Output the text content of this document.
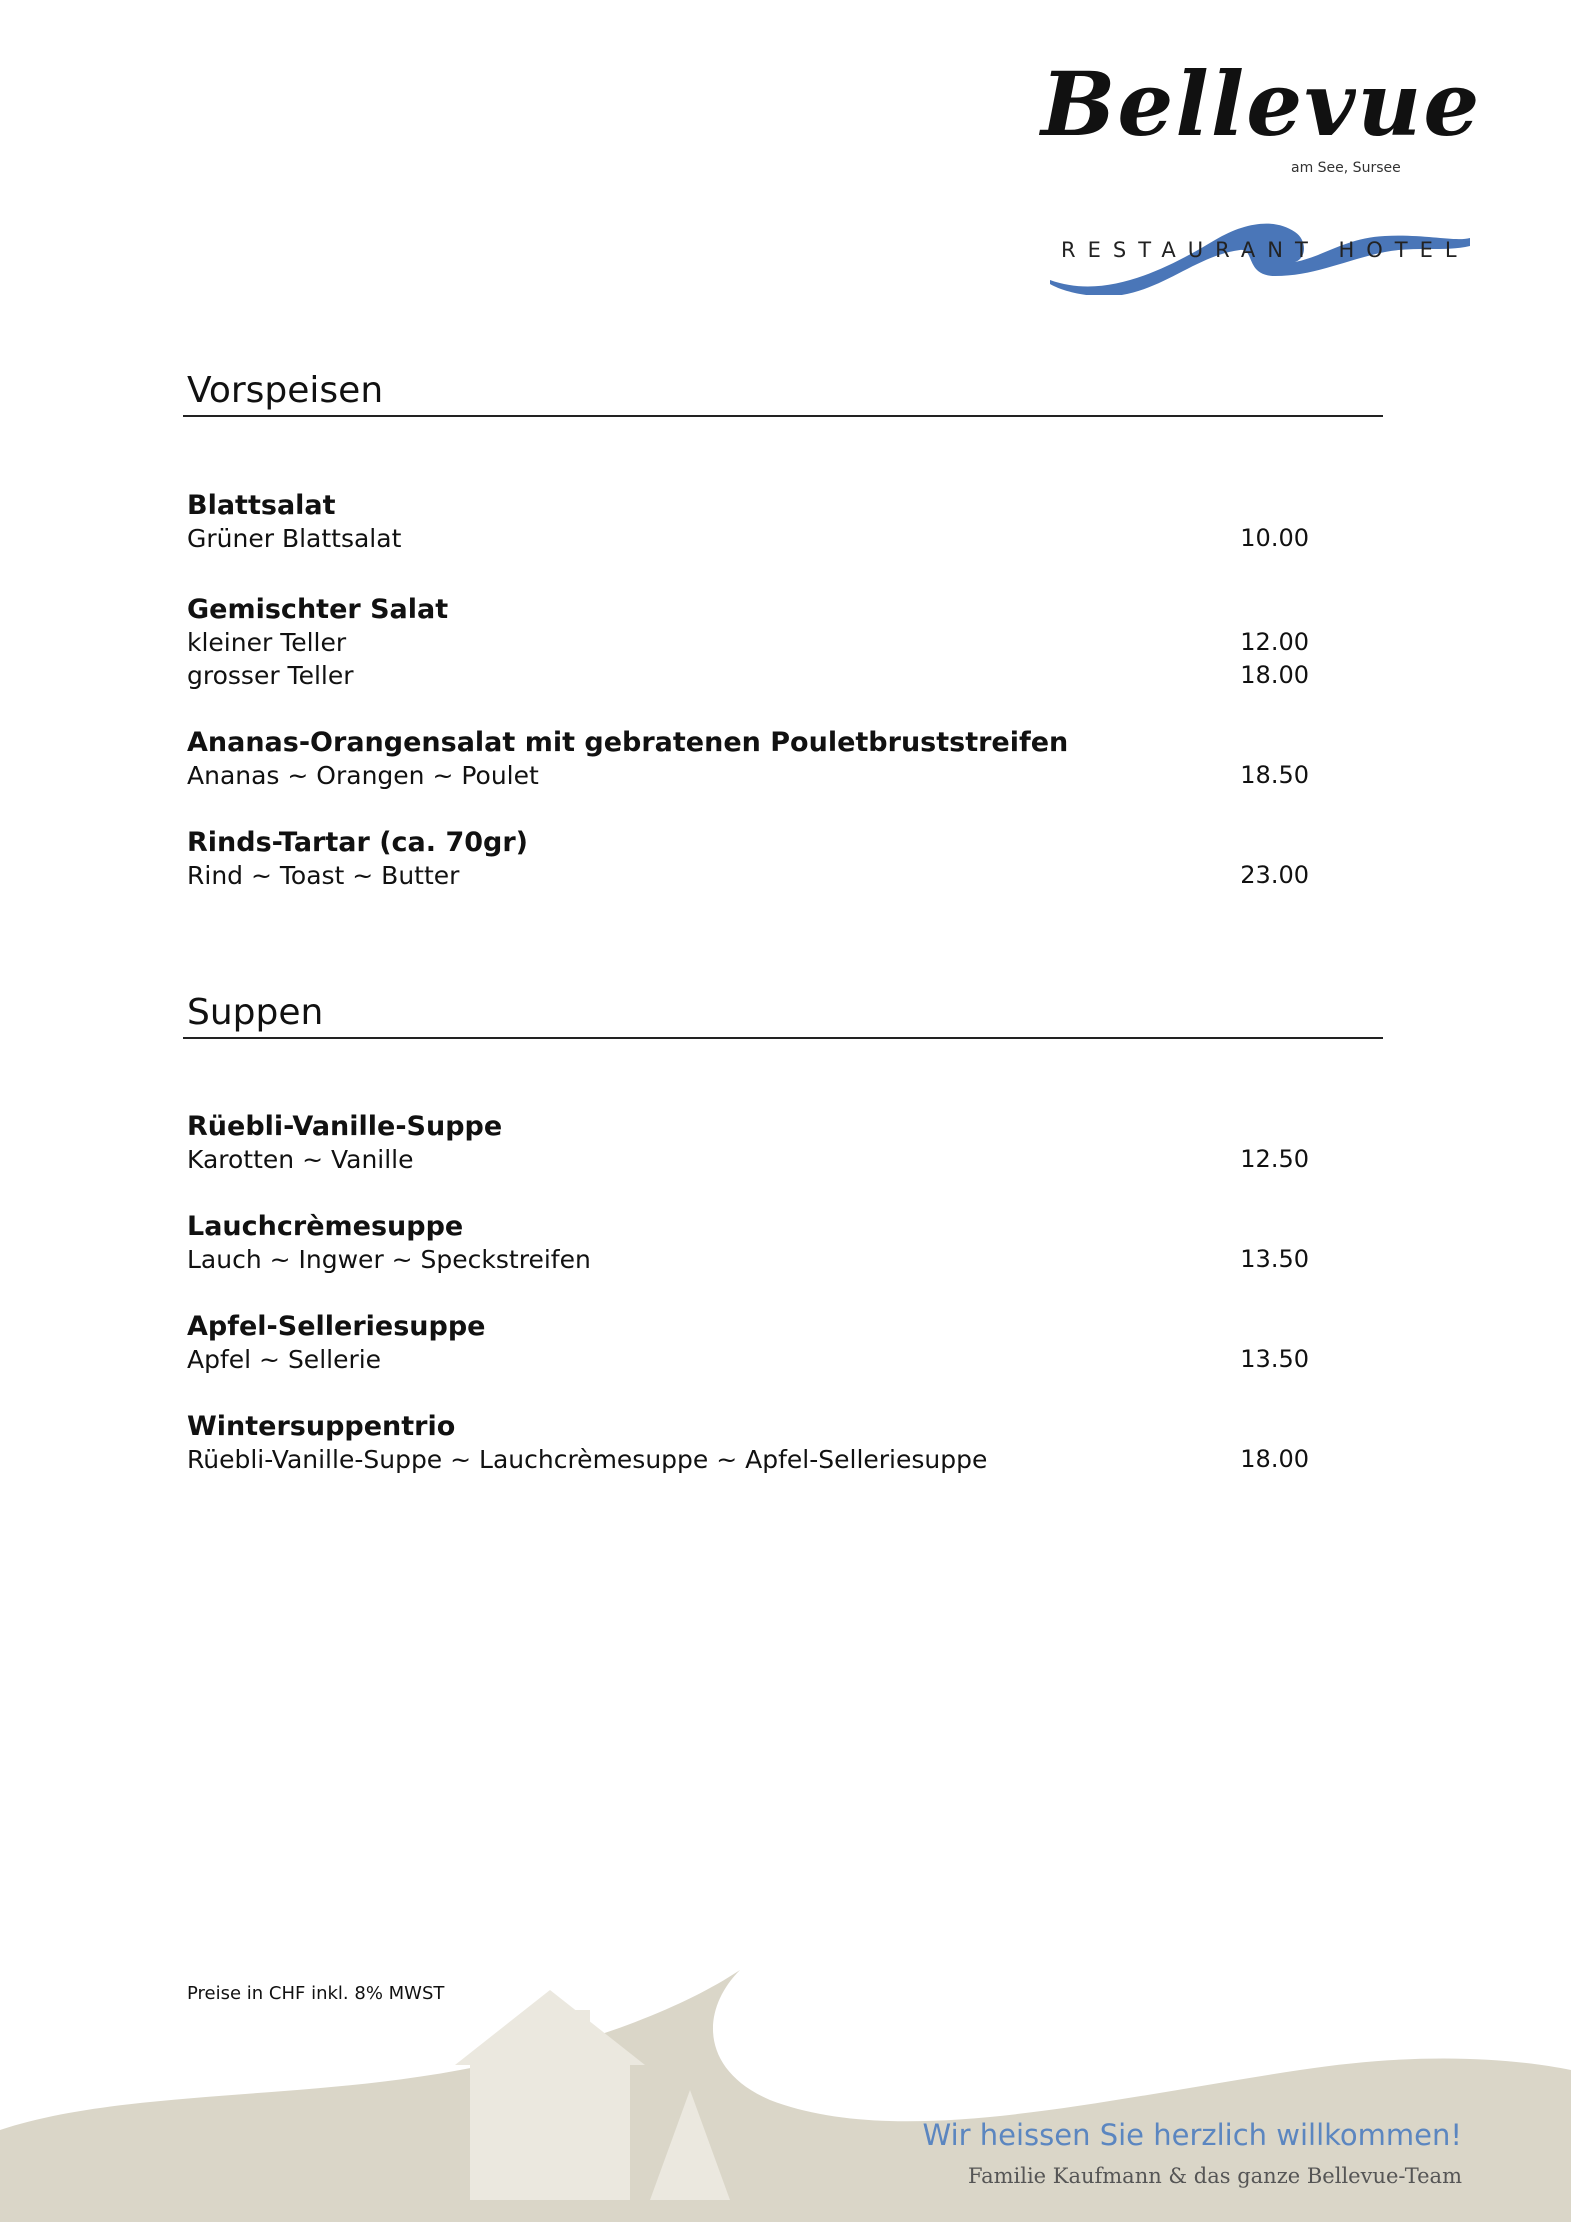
Bellevue
am See, Sursee
RESTAURANT HOTEL
Vorspeisen
Blattsalat
Grüner Blattsalat	10.00
Gemischter Salat
kleiner Teller	12.00
grosser Teller	18.00
Ananas-Orangensalat mit gebratenen Pouletbruststreifen
Ananas ~ Orangen ~ Poulet	18.50
Rinds-Tartar (ca. 70gr)
Rind ~ Toast ~ Butter	23.00
Suppen
Rüebli-Vanille-Suppe
Karotten ~ Vanille	12.50
Lauchcrèmesuppe
Lauch ~ Ingwer ~ Speckstreifen	13.50
Apfel-Selleriesuppe
Apfel ~ Sellerie	13.50
Wintersuppentrio
Rüebli-Vanille-Suppe ~ Lauchcrèmesuppe ~ Apfel-Selleriesuppe	18.00
Preise in CHF inkl. 8% MWST
Wir heissen Sie herzlich willkommen!
Familie Kaufmann & das ganze Bellevue-Team
